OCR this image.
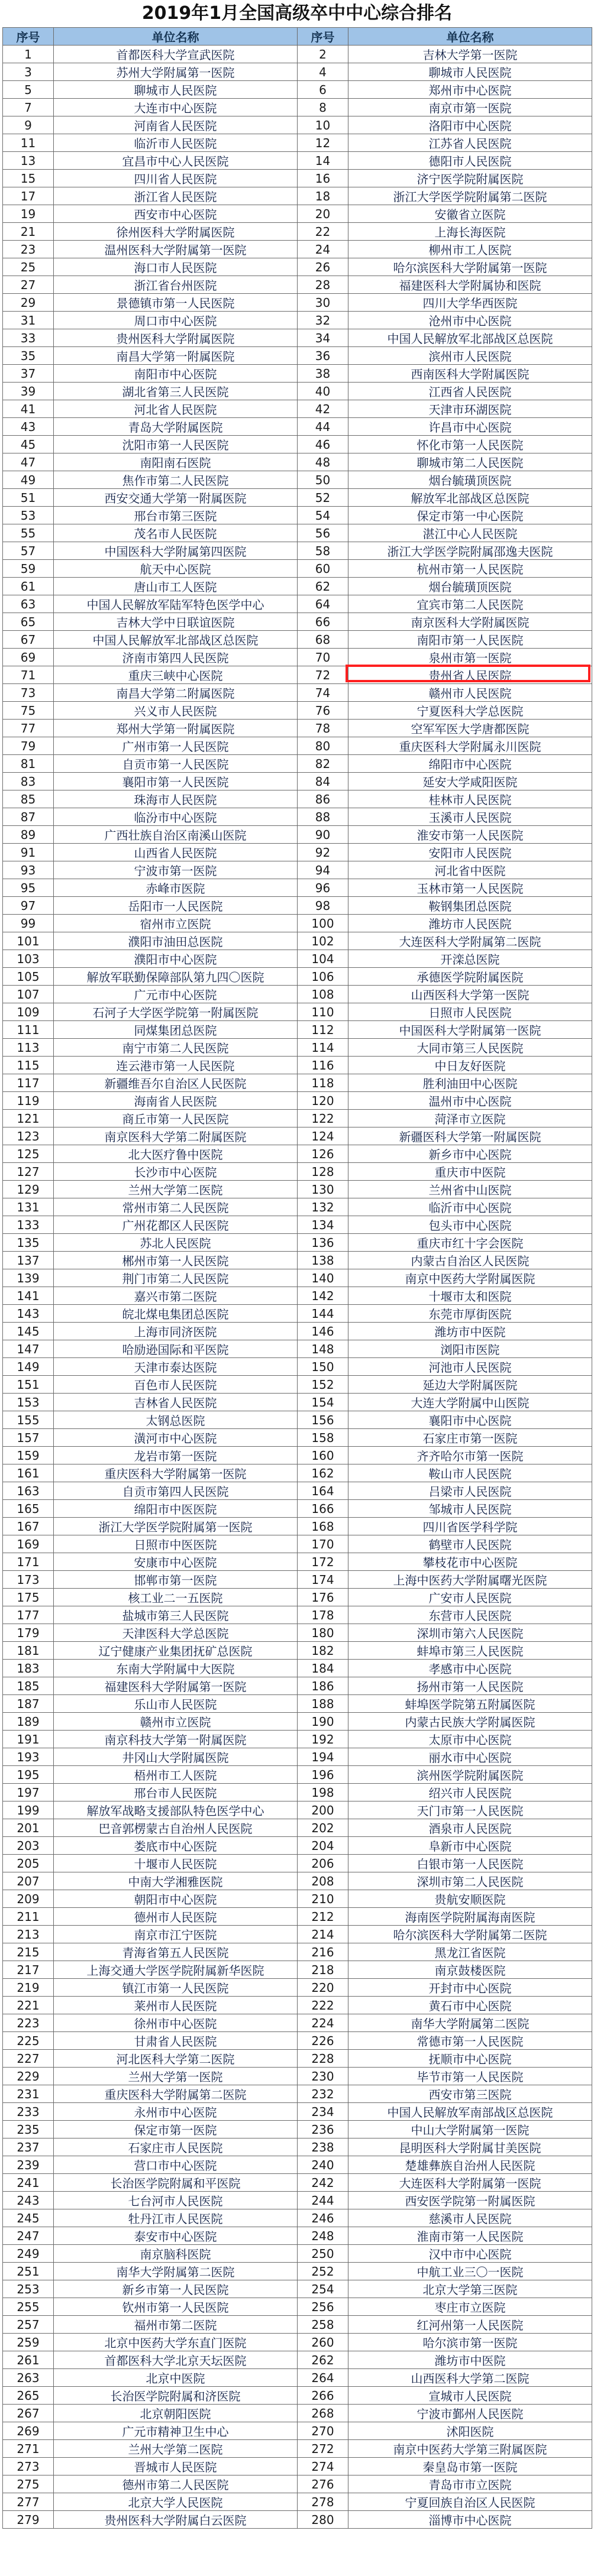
2019年1月全国高级卒中中心综合排名
序号	单位名称	序号	单位名称
1	首都医科大学宣武医院	2	吉林大学第一医院
3	苏州大学附属第一医院	4	聊城市人民医院
5	聊城市人民医院	6	郑州市中心医院
7	大连市中心医院	8	南京市第一医院
9	河南省人民医院	10	洛阳市中心医院
11	临沂市人民医院	12	江苏省人民医院
13	宜昌市中心人民医院	14	德阳市人民医院
15	四川省人民医院	16	济宁医学院附属医院
17	浙江省人民医院	18	浙江大学医学院附属第二医院
19	西安市中心医院	20	安徽省立医院
21	徐州医科大学附属医院	22	上海长海医院
23	温州医科大学附属第一医院	24	柳州市工人医院
25	海口市人民医院	26	哈尔滨医科大学附属第一医院
27	浙江省台州医院	28	福建医科大学附属协和医院
29	景德镇市第一人民医院	30	四川大学华西医院
31	周口市中心医院	32	沧州市中心医院
33	贵州医科大学附属医院	34	中国人民解放军北部战区总医院
35	南昌大学第一附属医院	36	滨州市人民医院
37	南阳市中心医院	38	西南医科大学附属医院
39	湖北省第三人民医院	40	江西省人民医院
41	河北省人民医院	42	天津市环湖医院
43	青岛大学附属医院	44	许昌市中心医院
45	沈阳市第一人民医院	46	怀化市第一人民医院
47	南阳南石医院	48	聊城市第二人民医院
49	焦作市第二人民医院	50	烟台毓璜顶医院
51	西安交通大学第一附属医院	52	解放军北部战区总医院
53	邢台市第三医院	54	保定市第一中心医院
55	茂名市人民医院	56	湛江中心人民医院
57	中国医科大学附属第四医院	58	浙江大学医学院附属邵逸夫医院
59	航天中心医院	60	杭州市第一人民医院
61	唐山市工人医院	62	烟台毓璜顶医院
63	中国人民解放军陆军特色医学中心	64	宜宾市第二人民医院
65	吉林大学中日联谊医院	66	南京医科大学附属医院
67	中国人民解放军北部战区总医院	68	南阳市第一人民医院
69	济南市第四人民医院	70	泉州市第一医院
71	重庆三峡中心医院	72	贵州省人民医院
73	南昌大学第二附属医院	74	赣州市人民医院
75	兴义市人民医院	76	宁夏医科大学总医院
77	郑州大学第一附属医院	78	空军军医大学唐都医院
79	广州市第一人民医院	80	重庆医科大学附属永川医院
81	自贡市第一人民医院	82	绵阳市中心医院
83	襄阳市第一人民医院	84	延安大学咸阳医院
85	珠海市人民医院	86	桂林市人民医院
87	临汾市中心医院	88	玉溪市人民医院
89	广西壮族自治区南溪山医院	90	淮安市第一人民医院
91	山西省人民医院	92	安阳市人民医院
93	宁波市第一医院	94	河北省中医院
95	赤峰市医院	96	玉林市第一人民医院
97	岳阳市一人民医院	98	鞍钢集团总医院
99	宿州市立医院	100	潍坊市人民医院
101	濮阳市油田总医院	102	大连医科大学附属第二医院
103	濮阳市中心医院	104	开滦总医院
105	解放军联勤保障部队第九四〇医院	106	承德医学院附属医院
107	广元市中心医院	108	山西医科大学第一医院
109	石河子大学医学院第一附属医院	110	日照市人民医院
111	同煤集团总医院	112	中国医科大学附属第一医院
113	南宁市第二人民医院	114	大同市第三人民医院
115	连云港市第一人民医院	116	中日友好医院
117	新疆维吾尔自治区人民医院	118	胜利油田中心医院
119	海南省人民医院	120	温州市中心医院
121	商丘市第一人民医院	122	菏泽市立医院
123	南京医科大学第二附属医院	124	新疆医科大学第一附属医院
125	北大医疗鲁中医院	126	新乡市中心医院
127	长沙市中心医院	128	重庆市中医院
129	兰州大学第二医院	130	兰州省中山医院
131	常州市第二人民医院	132	临沂市中心医院
133	广州花都区人民医院	134	包头市中心医院
135	苏北人民医院	136	重庆市红十字会医院
137	郴州市第一人民医院	138	内蒙古自治区人民医院
139	荆门市第二人民医院	140	南京中医药大学附属医院
141	嘉兴市第二医院	142	十堰市太和医院
143	皖北煤电集团总医院	144	东莞市厚街医院
145	上海市同济医院	146	潍坊市中医院
147	哈励逊国际和平医院	148	浏阳市医院
149	天津市泰达医院	150	河池市人民医院
151	百色市人民医院	152	延边大学附属医院
153	吉林省人民医院	154	大连大学附属中山医院
155	太钢总医院	156	襄阳市中心医院
157	潢河市中心医院	158	石家庄市第一医院
159	龙岩市第一医院	160	齐齐哈尔市第一医院
161	重庆医科大学附属第一医院	162	鞍山市人民医院
163	自贡市第四人民医院	164	吕梁市人民医院
165	绵阳市中医医院	166	邹城市人民医院
167	浙江大学医学院附属第一医院	168	四川省医学科学院
169	日照市中医医院	170	鹤壁市人民医院
171	安康市中心医院	172	攀枝花市中心医院
173	邯郸市第一医院	174	上海中医药大学附属曙光医院
175	核工业二一五医院	176	广安市人民医院
177	盐城市第三人民医院	178	东营市人民医院
179	天津医科大学总医院	180	深圳市第六人民医院
181	辽宁健康产业集团抚矿总医院	182	蚌埠市第三人民医院
183	东南大学附属中大医院	184	孝感市中心医院
185	福建医科大学附属第一医院	186	扬州市第一人民医院
187	乐山市人民医院	188	蚌埠医学院第五附属医院
189	赣州市立医院	190	内蒙古民族大学附属医院
191	南京科技大学第一附属医院	192	太原市中心医院
193	井冈山大学附属医院	194	丽水市中心医院
195	梧州市工人医院	196	滨州医学院附属医院
197	邢台市人民医院	198	绍兴市人民医院
199	解放军战略支援部队特色医学中心	200	天门市第一人民医院
201	巴音郭楞蒙古自治州人民医院	202	酒泉市人民医院
203	娄底市中心医院	204	阜新市中心医院
205	十堰市人民医院	206	白银市第一人民医院
207	中南大学湘雅医院	208	深圳市第二人民医院
209	朝阳市中心医院	210	贵航安顺医院
211	德州市人民医院	212	海南医学院附属海南医院
213	南京市江宁医院	214	哈尔滨医科大学附属第二医院
215	青海省第五人民医院	216	黑龙江省医院
217	上海交通大学医学院附属新华医院	218	南京鼓楼医院
219	镇江市第一人民医院	220	开封市中心医院
221	莱州市人民医院	222	黄石市中心医院
223	徐州市中心医院	224	南华大学附属第二医院
225	甘肃省人民医院	226	常德市第一人民医院
227	河北医科大学第二医院	228	抚顺市中心医院
229	兰州大学第一医院	230	毕节市第一人民医院
231	重庆医科大学附属第二医院	232	西安市第三医院
233	永州市中心医院	234	中国人民解放军南部战区总医院
235	保定市第一医院	236	中山大学附属第一医院
237	石家庄市人民医院	238	昆明医科大学附属甘美医院
239	营口市中心医院	240	楚雄彝族自治州人民医院
241	长治医学院附属和平医院	242	大连医科大学附属第一医院
243	七台河市人民医院	244	西安医学院第一附属医院
245	牡丹江市人民医院	246	慈溪市人民医院
247	泰安市中心医院	248	淮南市第一人民医院
249	南京脑科医院	250	汉中市中心医院
251	南华大学附属第二医院	252	中航工业三〇一医院
253	新乡市第一人民医院	254	北京大学第三医院
255	钦州市第一人民医院	256	枣庄市立医院
257	福州市第二医院	258	红河州第一人民医院
259	北京中医药大学东直门医院	260	哈尔滨市第一医院
261	首都医科大学北京天坛医院	262	潍坊市中医院
263	北京中医院	264	山西医科大学第二医院
265	长治医学院附属和济医院	266	宣城市人民医院
267	北京朝阳医院	268	宁波市鄞州人民医院
269	广元市精神卫生中心	270	沭阳医院
271	兰州大学第二医院	272	南京中医药大学第三附属医院
273	晋城市人民医院	274	秦皇岛市第一医院
275	德州市第二人民医院	276	青岛市市立医院
277	北京大学人民医院	278	宁夏回族自治区人民医院
279	贵州医科大学附属白云医院	280	淄博市中心医院
